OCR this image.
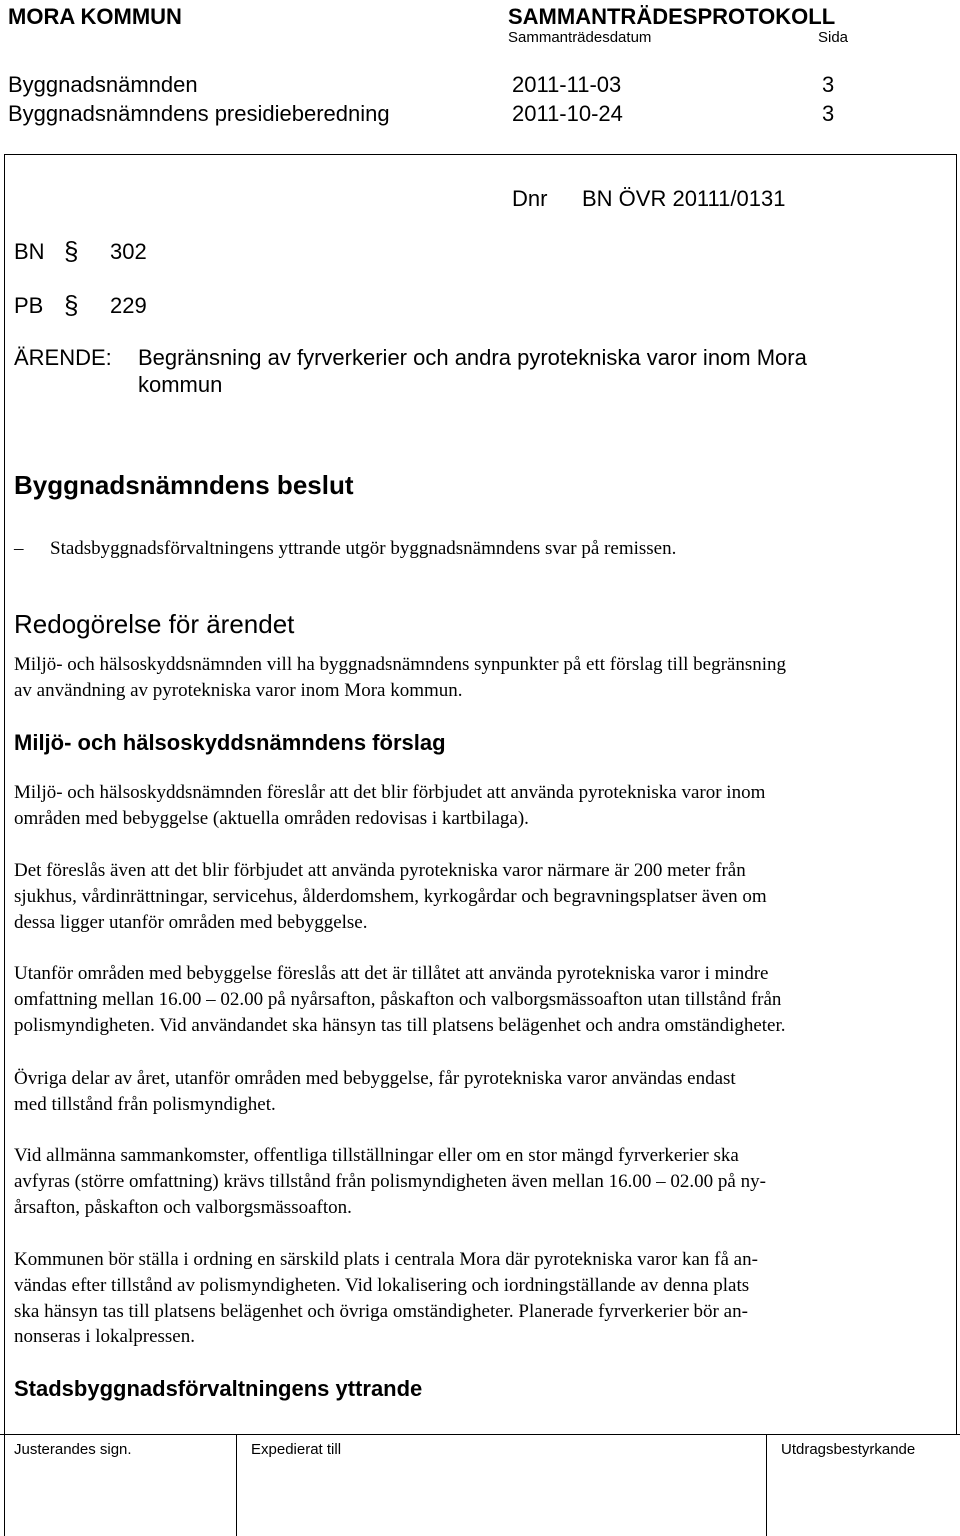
MORA KOMMUN	SAMMANTRÄDESPROTOKOLL
Sammanträdesdatum	Sida
Byggnadsnämnden	2011-11-03	3
Byggnadsnämndens presidieberedning	2011-10-24	3
Dnr BN ÖVR 20111/0131
BN § 302
PB § 229
ÄRENDE: Begränsning av fyrverkerier och andra pyrotekniska varor inom Mora
kommun
Byggnadsnämndens beslut
– Stadsbyggnadsförvaltningens yttrande utgör byggnadsnämndens svar på remissen.
Redogörelse för ärendet
Miljö- och hälsoskyddsnämnden vill ha byggnadsnämndens synpunkter på ett förslag till begränsning
av användning av pyrotekniska varor inom Mora kommun.
Miljö- och hälsoskyddsnämndens förslag
Miljö- och hälsoskyddsnämnden föreslår att det blir förbjudet att använda pyrotekniska varor inom
områden med bebyggelse (aktuella områden redovisas i kartbilaga).
Det föreslås även att det blir förbjudet att använda pyrotekniska varor närmare är 200 meter från
sjukhus, vårdinrättningar, servicehus, ålderdomshem, kyrkogårdar och begravningsplatser även om
dessa ligger utanför områden med bebyggelse.
Utanför områden med bebyggelse föreslås att det är tillåtet att använda pyrotekniska varor i mindre
omfattning mellan 16.00 – 02.00 på nyårsafton, påskafton och valborgsmässoafton utan tillstånd från
polismyndigheten. Vid användandet ska hänsyn tas till platsens belägenhet och andra omständigheter.
Övriga delar av året, utanför områden med bebyggelse, får pyrotekniska varor användas endast
med tillstånd från polismyndighet.
Vid allmänna sammankomster, offentliga tillställningar eller om en stor mängd fyrverkerier ska
avfyras (större omfattning) krävs tillstånd från polismyndigheten även mellan 16.00 – 02.00 på ny-
årsafton, påskafton och valborgsmässoafton.
Kommunen bör ställa i ordning en särskild plats i centrala Mora där pyrotekniska varor kan få an-
vändas efter tillstånd av polismyndigheten. Vid lokalisering och iordningställande av denna plats
ska hänsyn tas till platsens belägenhet och övriga omständigheter. Planerade fyrverkerier bör an-
nonseras i lokalpressen.
Stadsbyggnadsförvaltningens yttrande
Justerandes sign.	Expedierat till	Utdragsbestyrkande
